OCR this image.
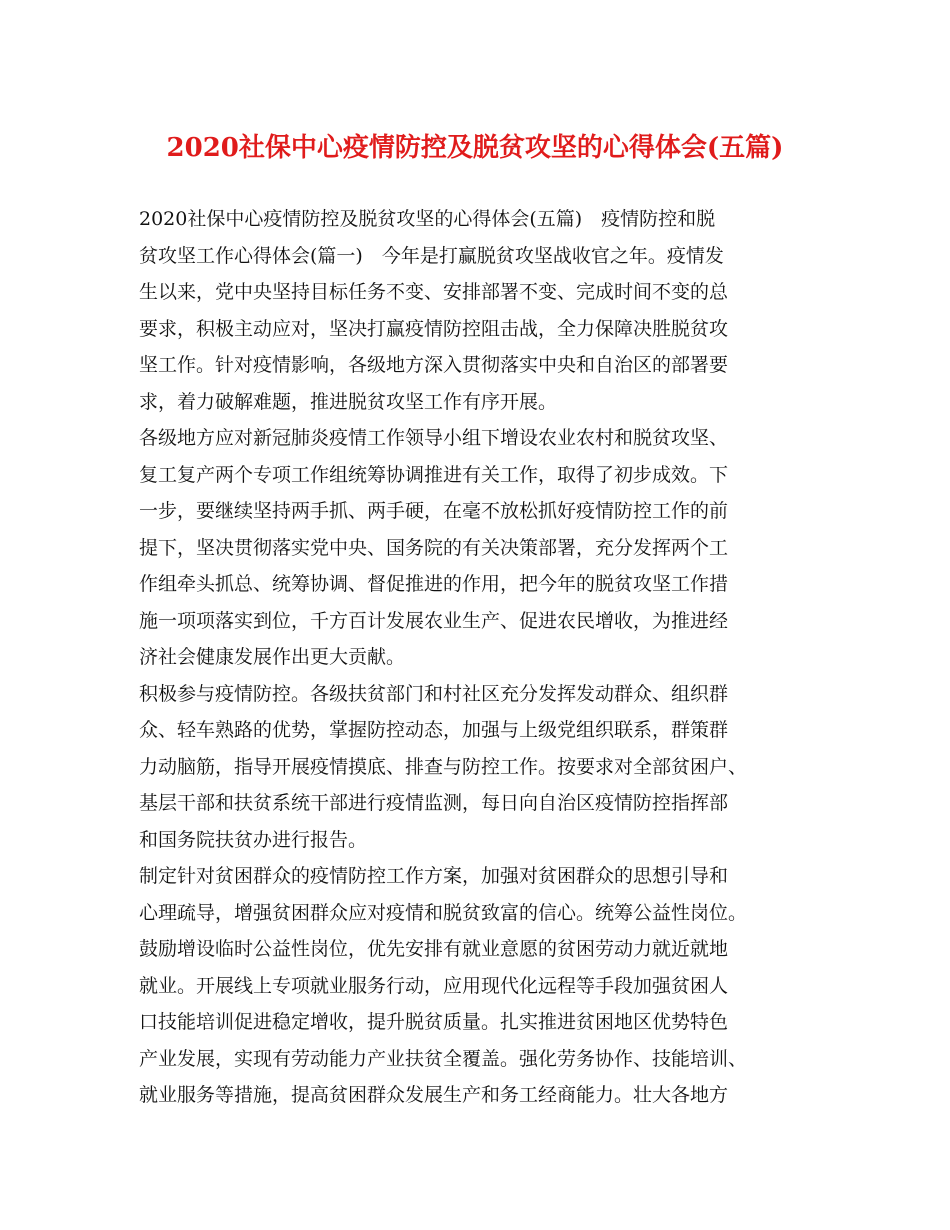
2020社保中心疫情防控及脱贫攻坚的心得体会(五篇)
2020社保中心疫情防控及脱贫攻坚的心得体会(五篇)　疫情防控和脱
贫攻坚工作心得体会(篇一)　今年是打赢脱贫攻坚战收官之年。疫情发
生以来，党中央坚持目标任务不变、安排部署不变、完成时间不变的总
要求，积极主动应对，坚决打赢疫情防控阻击战，全力保障决胜脱贫攻
坚工作。针对疫情影响，各级地方深入贯彻落实中央和自治区的部署要
求，着力破解难题，推进脱贫攻坚工作有序开展。
各级地方应对新冠肺炎疫情工作领导小组下增设农业农村和脱贫攻坚、
复工复产两个专项工作组统筹协调推进有关工作，取得了初步成效。下
一步，要继续坚持两手抓、两手硬，在毫不放松抓好疫情防控工作的前
提下，坚决贯彻落实党中央、国务院的有关决策部署，充分发挥两个工
作组牵头抓总、统筹协调、督促推进的作用，把今年的脱贫攻坚工作措
施一项项落实到位，千方百计发展农业生产、促进农民增收，为推进经
济社会健康发展作出更大贡献。
积极参与疫情防控。各级扶贫部门和村社区充分发挥发动群众、组织群
众、轻车熟路的优势，掌握防控动态，加强与上级党组织联系，群策群
力动脑筋，指导开展疫情摸底、排查与防控工作。按要求对全部贫困户、
基层干部和扶贫系统干部进行疫情监测，每日向自治区疫情防控指挥部
和国务院扶贫办进行报告。
制定针对贫困群众的疫情防控工作方案，加强对贫困群众的思想引导和
心理疏导，增强贫困群众应对疫情和脱贫致富的信心。统筹公益性岗位。
鼓励增设临时公益性岗位，优先安排有就业意愿的贫困劳动力就近就地
就业。开展线上专项就业服务行动，应用现代化远程等手段加强贫困人
口技能培训促进稳定增收，提升脱贫质量。扎实推进贫困地区优势特色
产业发展，实现有劳动能力产业扶贫全覆盖。强化劳务协作、技能培训、
就业服务等措施，提高贫困群众发展生产和务工经商能力。壮大各地方
